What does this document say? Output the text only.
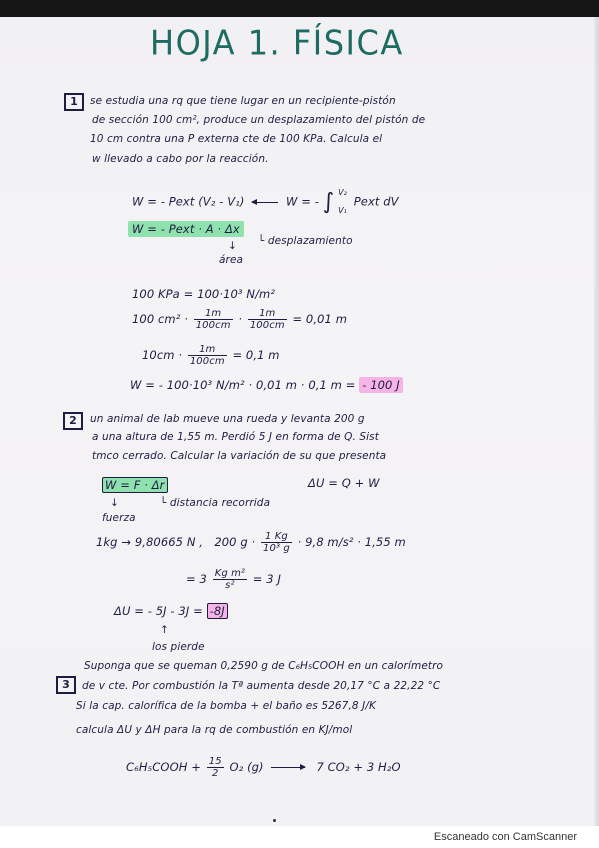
HOJA 1. FÍSICA
1	se estudia una rq que tiene lugar en un recipiente-pistón
de sección 100 cm², produce un desplazamiento del pistón de
10 cm contra una P externa cte de 100 KPa. Calcula el
w llevado a cabo por la reacción.
W = - Pext (V₂ - V₁)	W = - ∫ V₂
V₁
Pext dV
W = - Pext · A · Δx
└ desplazamiento
↓
área
100 KPa = 100·10³ N/m²
100 $cm^2 \cdot \frac{1m}{100cm} \cdot \frac{1m}{100cm} = 0,01$ m
$10cm \cdot \frac{1m}{100cm} = 0,1$ m
W = - 100·10³ N/m² · 0,01 m · 0,1 m = - 100 J
2	un animal de lab mueve una rueda y levanta 200 g
a una altura de 1,55 m. Perdió 5 J en forma de Q. Sist
tmco cerrado. Calcular la variación de su que presenta
W = F · Δr	ΔU = Q + W
↓	└ distancia recorrida
fuerza
1kg → 9,80665 N , 200 $g \cdot \frac{1 Kg}{\text{10³ g}} \cdot 9,8$ m/s² · 1,55 m
= $3 \frac{\text{Kg m²}}{\text{s²}} = 3$ J
ΔU = - 5J - 3J = -8J
↑
los pierde
3
Suponga que se queman 0,2590 g de C₆H₅COOH en un calorímetro
de v cte. Por combustión la Tª aumenta desde 20,17 °C a 22,22 °C
Si la cap. calorífica de la bomba + el baño es 5267,8 J/K
calcula ΔU y ΔH para la rq de combustión en KJ/mol
C₆H₅COOH + $\frac{15}{2} O_2$ (g) → 7 CO₂ + 3 H₂O
Escaneado con CamScanner
